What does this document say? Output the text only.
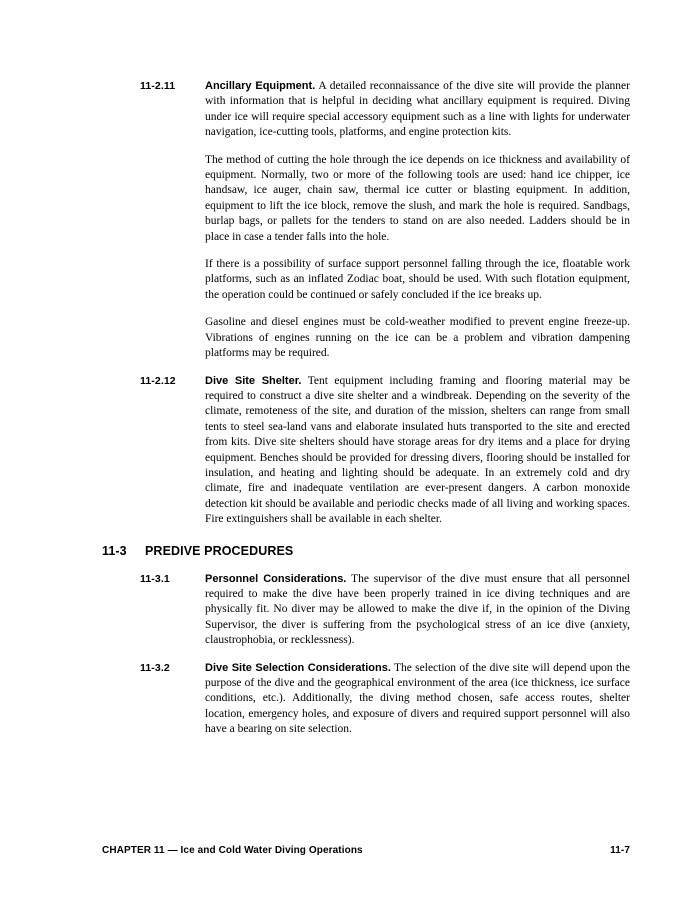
11-2.11	Ancillary Equipment. A detailed reconnaissance of the dive site will provide the planner with information that is helpful in deciding what ancillary equipment is required. Diving under ice will require special accessory equipment such as a line with lights for underwater navigation, ice-cutting tools, platforms, and engine protection kits.

The method of cutting the hole through the ice depends on ice thickness and availability of equipment. Normally, two or more of the following tools are used: hand ice chipper, ice handsaw, ice auger, chain saw, thermal ice cutter or blasting equipment. In addition, equipment to lift the ice block, remove the slush, and mark the hole is required. Sandbags, burlap bags, or pallets for the tenders to stand on are also needed. Ladders should be in place in case a tender falls into the hole.

If there is a possibility of surface support personnel falling through the ice, floatable work platforms, such as an inflated Zodiac boat, should be used. With such flotation equipment, the operation could be continued or safely concluded if the ice breaks up.

Gasoline and diesel engines must be cold-weather modified to prevent engine freeze-up. Vibrations of engines running on the ice can be a problem and vibration dampening platforms may be required.

11-2.12	Dive Site Shelter. Tent equipment including framing and flooring material may be required to construct a dive site shelter and a windbreak. Depending on the severity of the climate, remoteness of the site, and duration of the mission, shelters can range from small tents to steel sea-land vans and elaborate insulated huts transported to the site and erected from kits. Dive site shelters should have storage areas for dry items and a place for drying equipment. Benches should be provided for dressing divers, flooring should be installed for insulation, and heating and lighting should be adequate. In an extremely cold and dry climate, fire and inadequate ventilation are ever-present dangers. A carbon monoxide detection kit should be available and periodic checks made of all living and working spaces. Fire extinguishers shall be available in each shelter.

11-3	PREDIVE PROCEDURES
11-3.1	Personnel Considerations. The supervisor of the dive must ensure that all personnel required to make the dive have been properly trained in ice diving techniques and are physically fit. No diver may be allowed to make the dive if, in the opinion of the Diving Supervisor, the diver is suffering from the psychological stress of an ice dive (anxiety, claustrophobia, or recklessness).

11-3.2	Dive Site Selection Considerations. The selection of the dive site will depend upon the purpose of the dive and the geographical environment of the area (ice thickness, ice surface conditions, etc.). Additionally, the diving method chosen, safe access routes, shelter location, emergency holes, and exposure of divers and required support personnel will also have a bearing on site selection.

CHAPTER 11 — Ice and Cold Water Diving Operations	11-7
